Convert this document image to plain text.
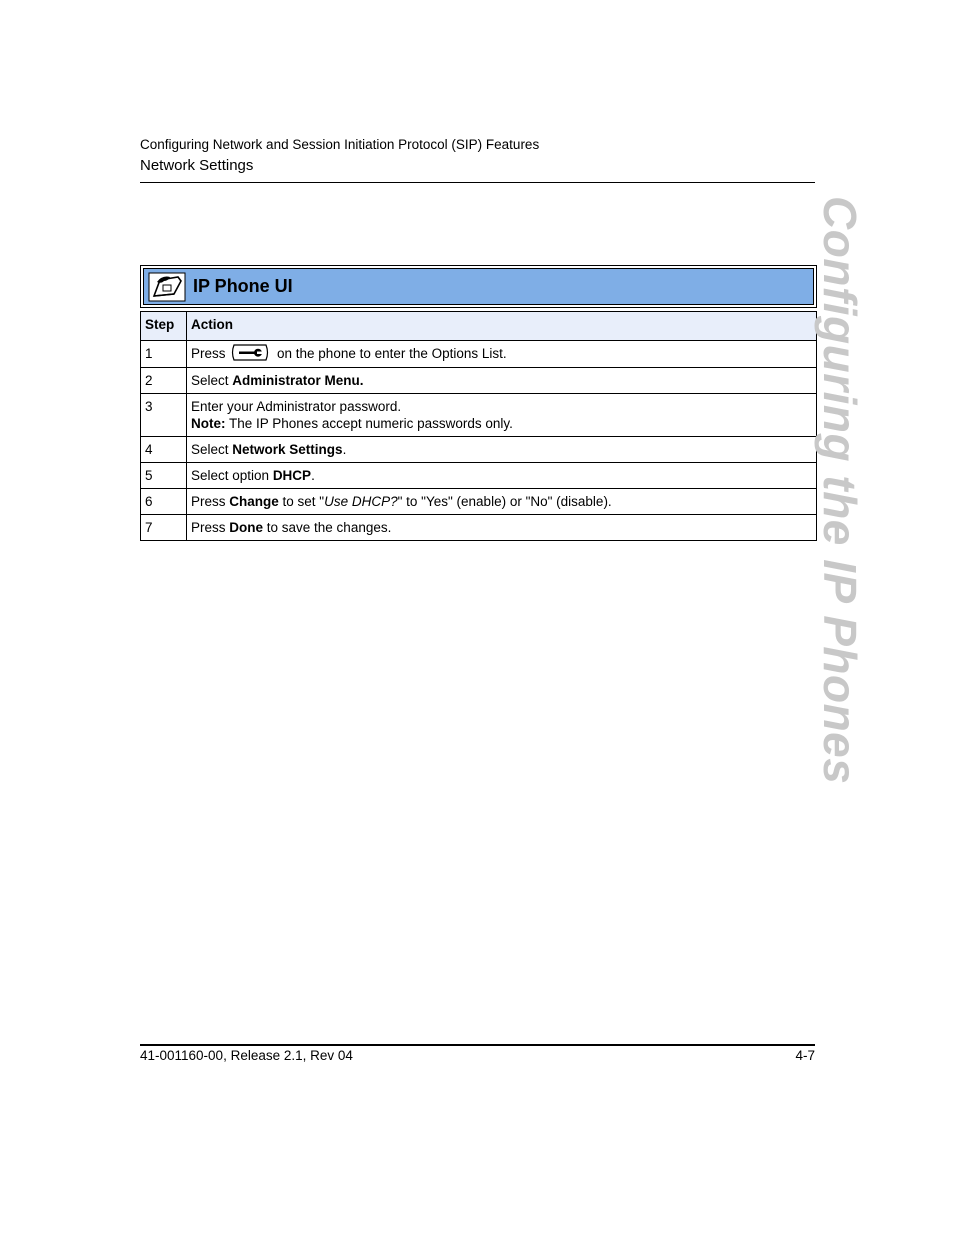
Configuring Network and Session Initiation Protocol (SIP) Features
Network Settings
IP Phone UI
Step	Action
1	Press on the phone to enter the Options List.
2	Select Administrator Menu.
3	Enter your Administrator password.
Note: The IP Phones accept numeric passwords only.

4	Select Network Settings.
5	Select option DHCP.
6	Press Change to set "Use DHCP?" to "Yes" (enable) or "No" (disable).
7	Press Done to save the changes.	Configuring the IP Phones
41-001160-00, Release 2.1, Rev 04	4-7
